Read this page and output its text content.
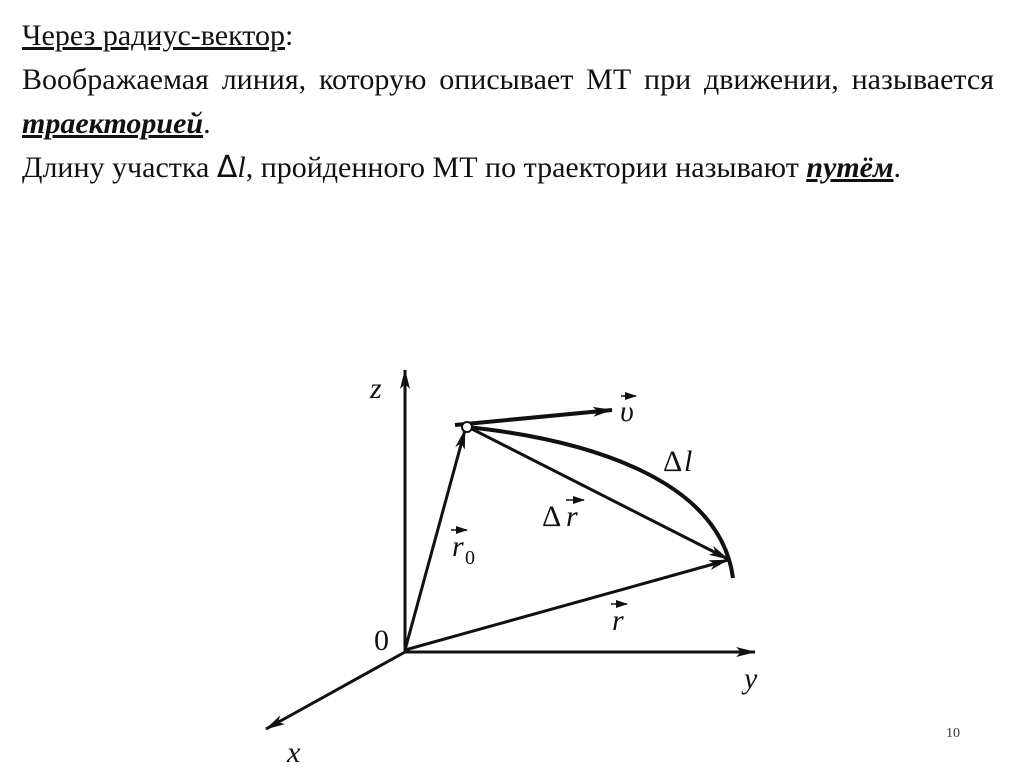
Через радиус-вектор:

Воображаемая линия, которую описывает МТ при движении, называется траекторией.

Длину участка Δl, пройденного МТ по траектории называют путём.

z
y
x
0
υ
Δ l
Δ r
r 0
r
10
